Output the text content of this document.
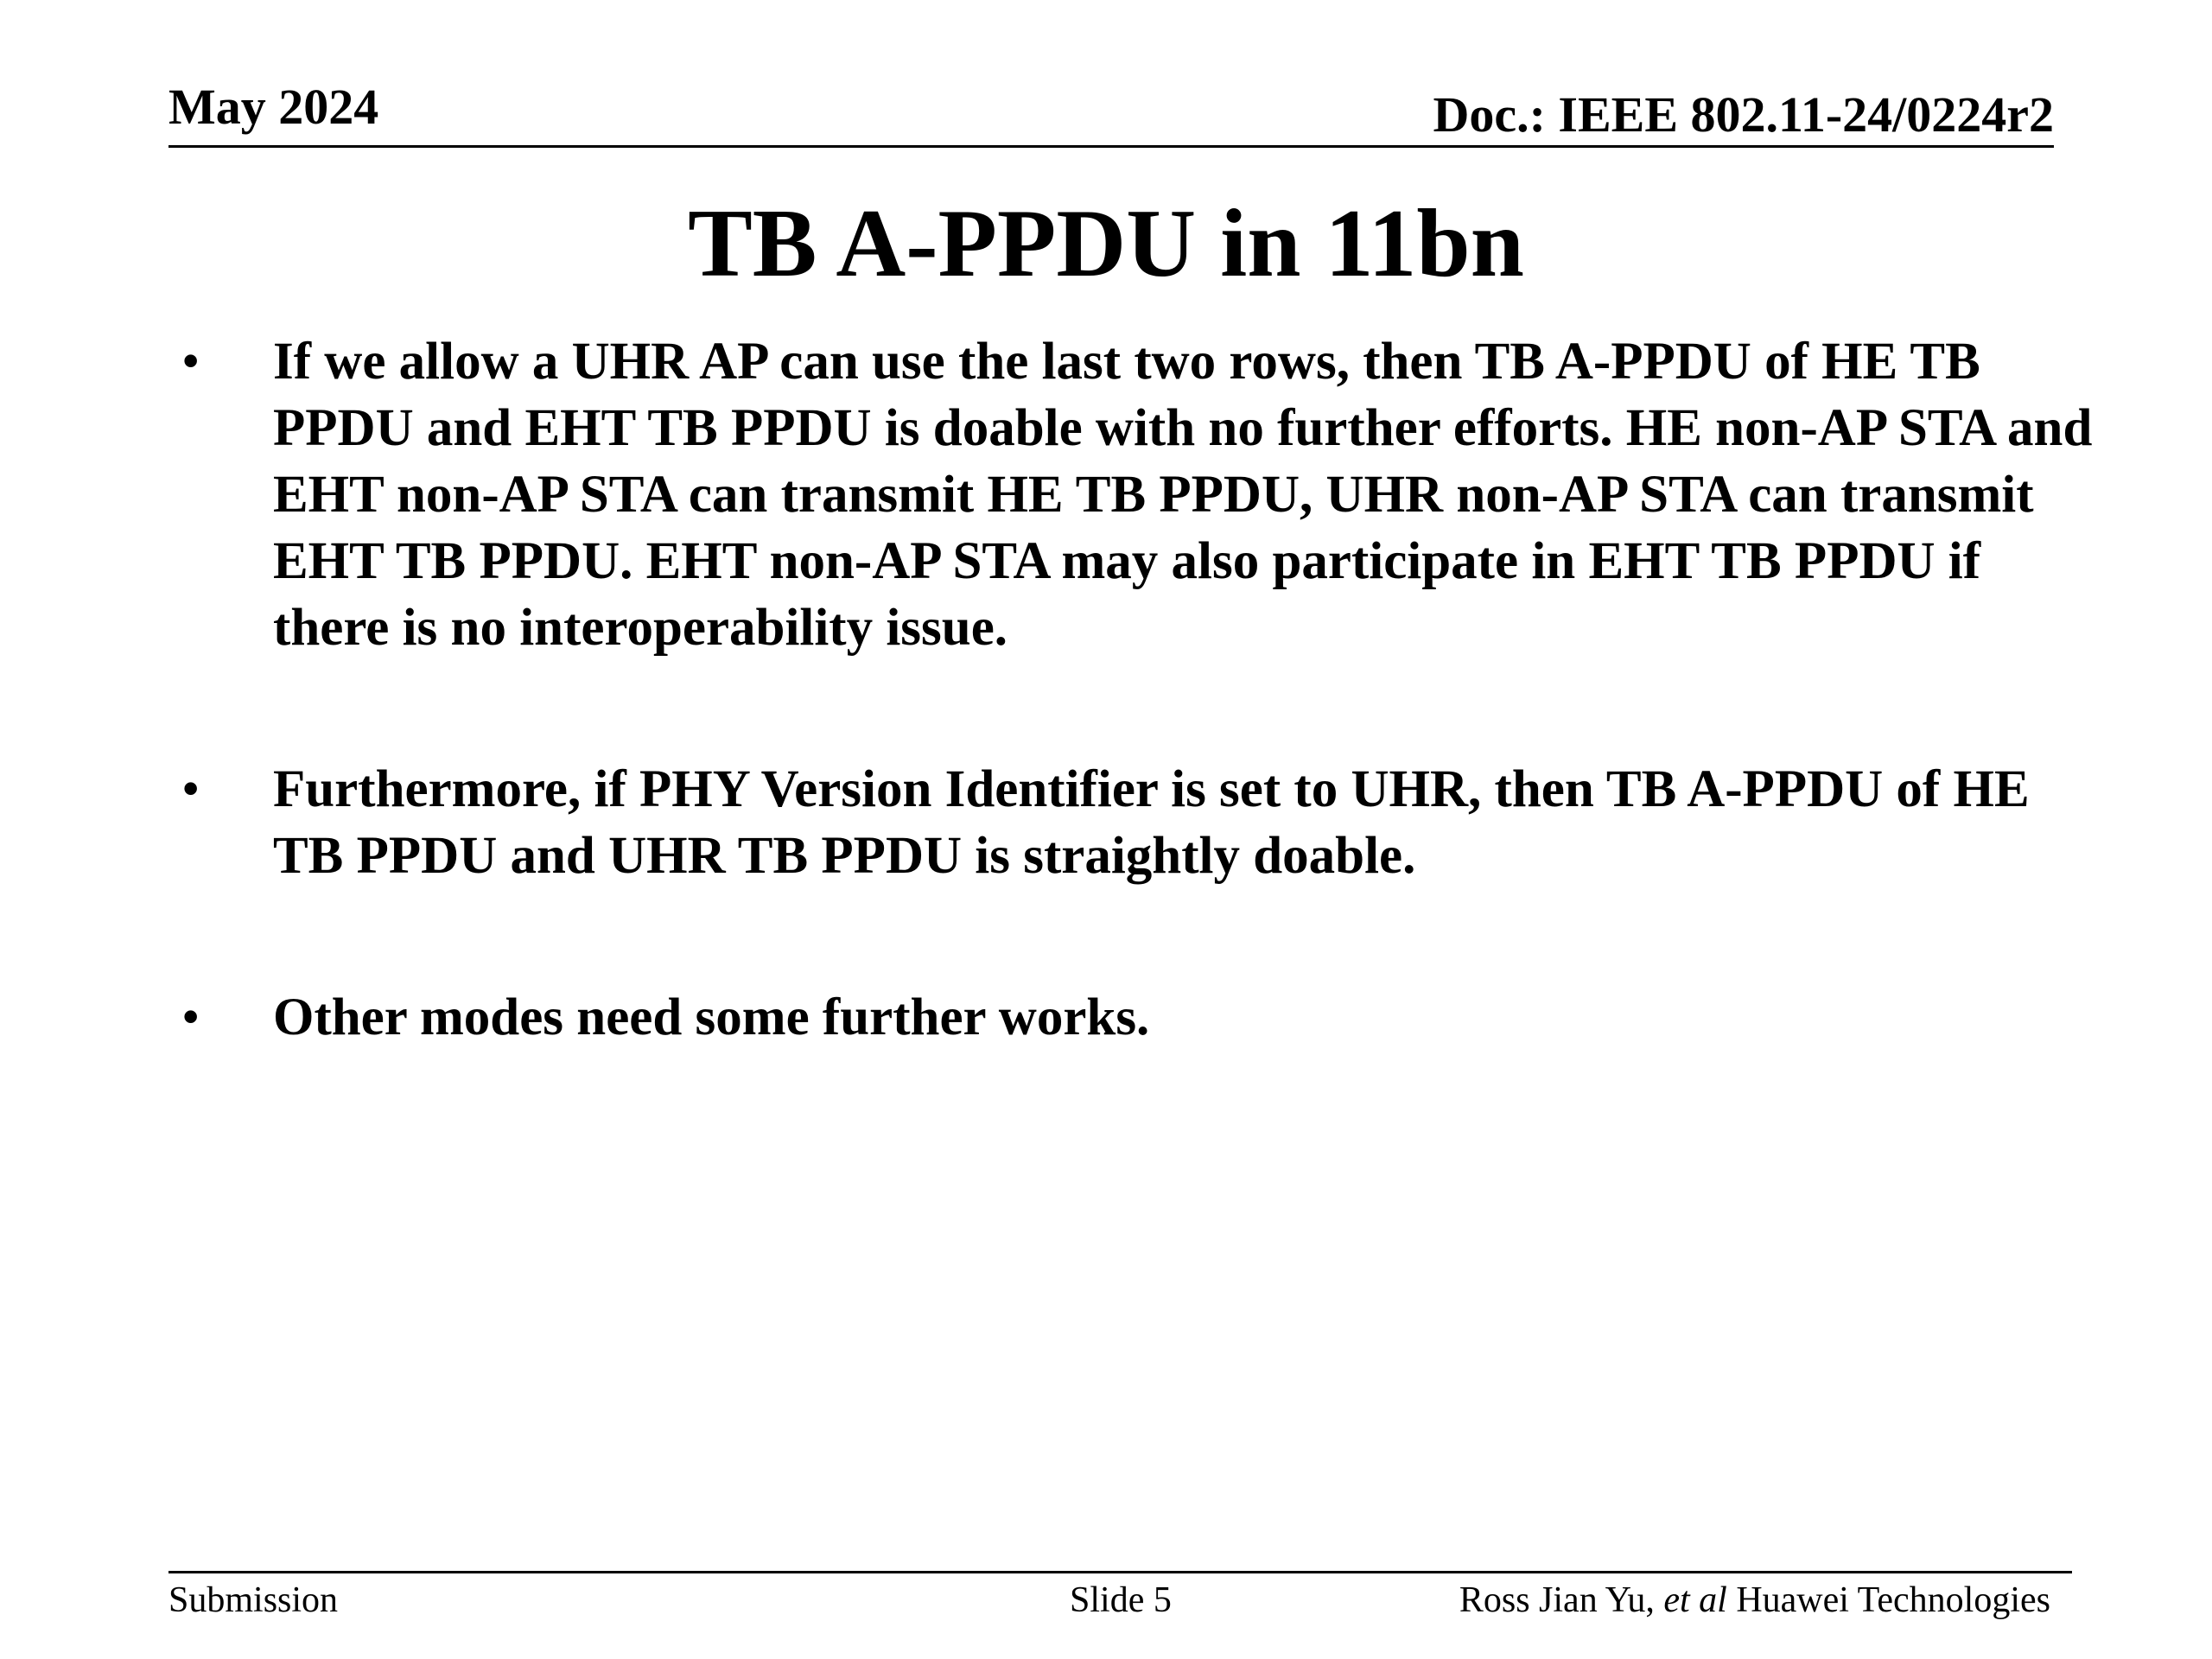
May 2024	Doc.: IEEE 802.11-24/0224r2
TB A-PPDU in 11bn
• If we allow a UHR AP can use the last two rows, then TB A-PPDU of HE TB PPDU and EHT TB PPDU is doable with no further efforts. HE non-AP STA and EHT non-AP STA can transmit HE TB PPDU, UHR non-AP STA can transmit EHT TB PPDU. EHT non-AP STA may also participate in EHT TB PPDU if there is no interoperability issue.
• Furthermore, if PHY Version Identifier is set to UHR, then TB A-PPDU of HE TB PPDU and UHR TB PPDU is straightly doable.
• Other modes need some further works.
Submission	Slide 5	Ross Jian Yu, et al Huawei Technologies
